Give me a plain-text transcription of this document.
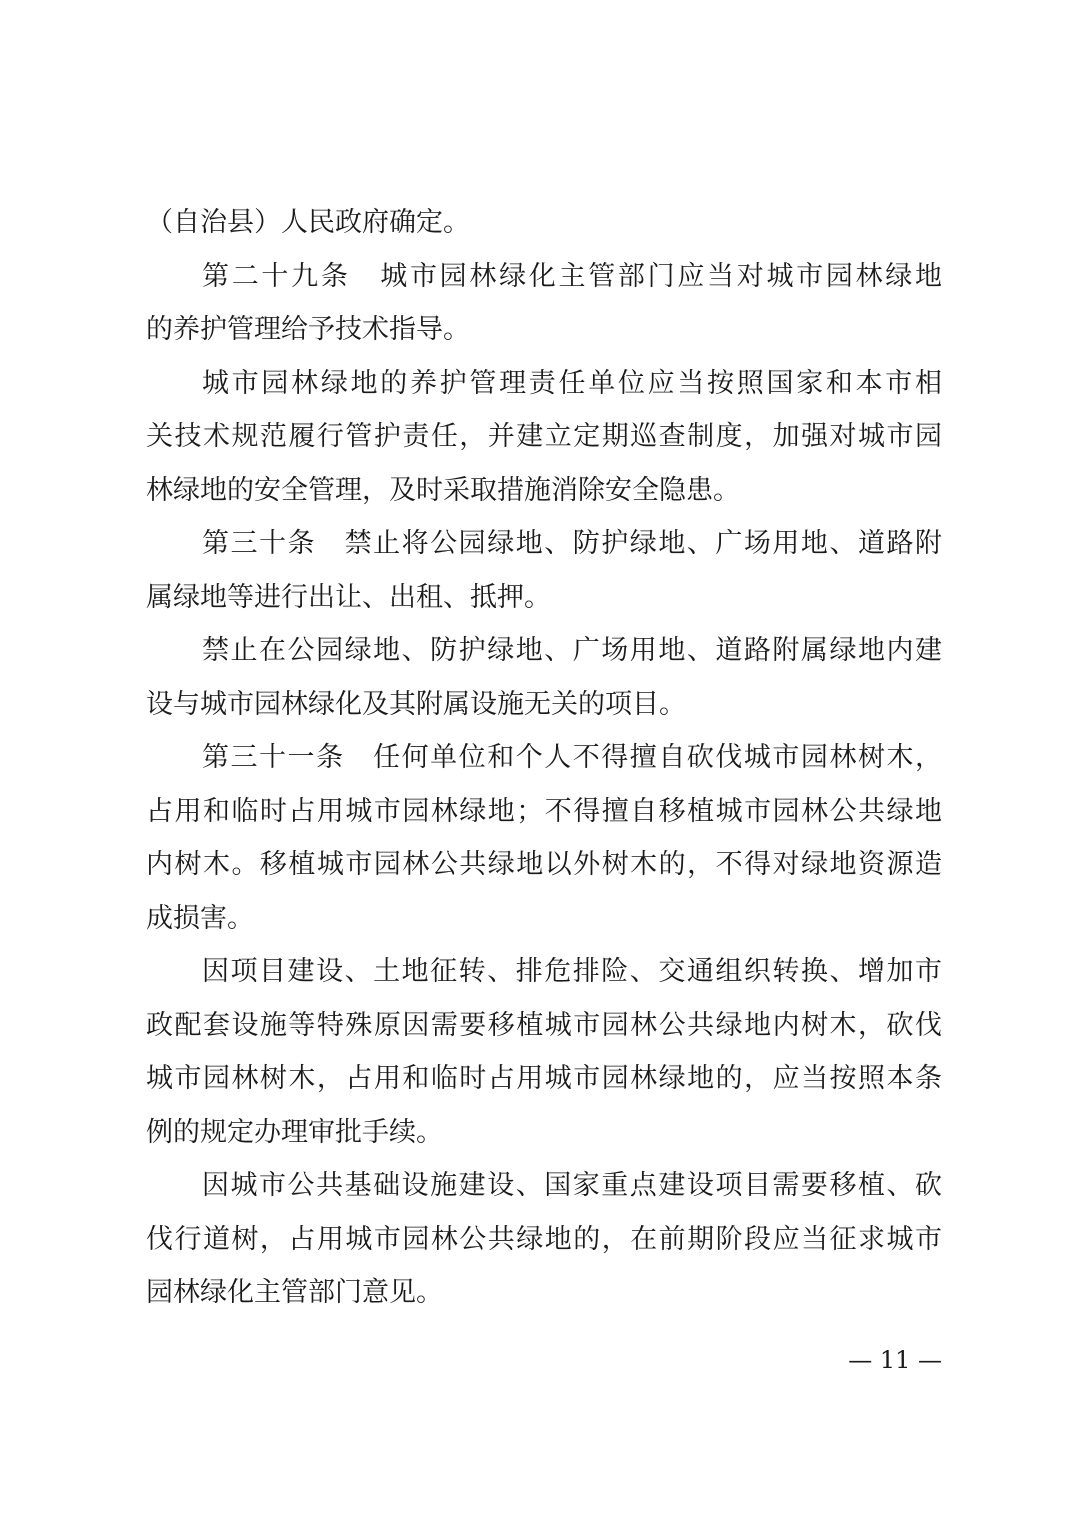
（自治县）人民政府确定。
第二十九条　城市园林绿化主管部门应当对城市园林绿地
的养护管理给予技术指导。
城市园林绿地的养护管理责任单位应当按照国家和本市相
关技术规范履行管护责任，并建立定期巡查制度，加强对城市园
林绿地的安全管理，及时采取措施消除安全隐患。
第三十条　禁止将公园绿地、防护绿地、广场用地、道路附
属绿地等进行出让、出租、抵押。
禁止在公园绿地、防护绿地、广场用地、道路附属绿地内建
设与城市园林绿化及其附属设施无关的项目。
第三十一条　任何单位和个人不得擅自砍伐城市园林树木，
占用和临时占用城市园林绿地；不得擅自移植城市园林公共绿地
内树木。移植城市园林公共绿地以外树木的，不得对绿地资源造
成损害。
因项目建设、土地征转、排危排险、交通组织转换、增加市
政配套设施等特殊原因需要移植城市园林公共绿地内树木，砍伐
城市园林树木，占用和临时占用城市园林绿地的，应当按照本条
例的规定办理审批手续。
因城市公共基础设施建设、国家重点建设项目需要移植、砍
伐行道树，占用城市园林公共绿地的，在前期阶段应当征求城市
园林绿化主管部门意见。
— 11 —
